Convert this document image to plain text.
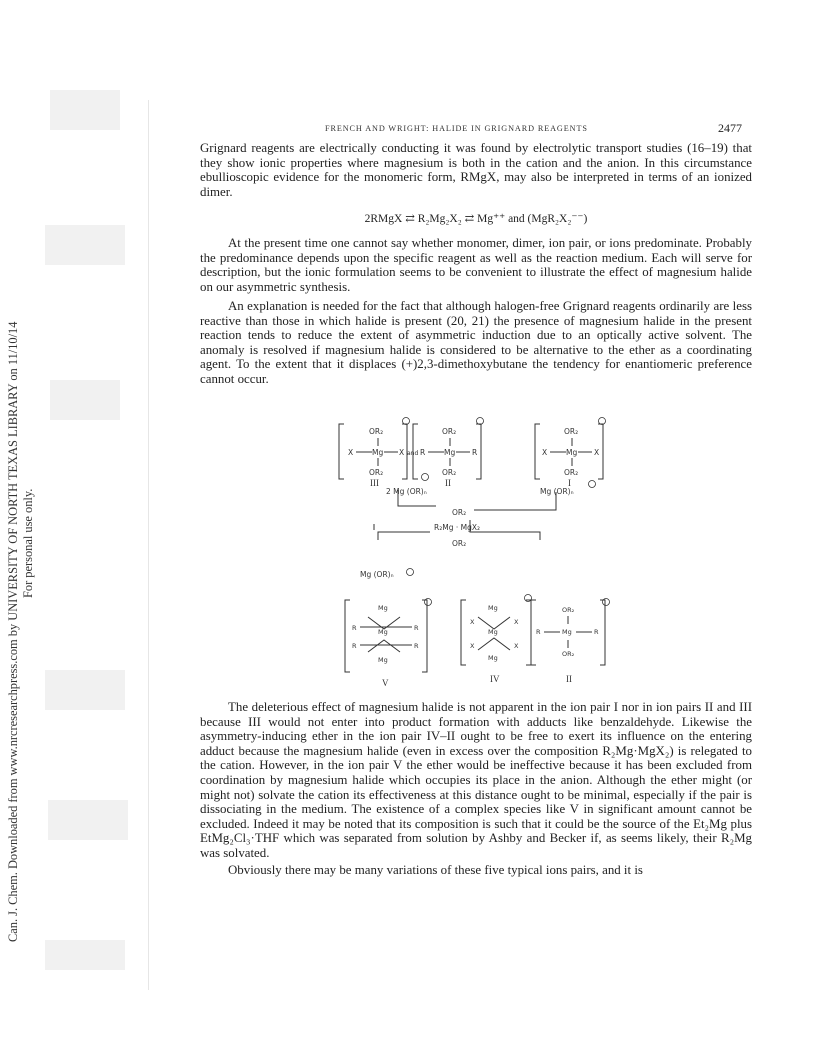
Can. J. Chem. Downloaded from www.nrcresearchpress.com by UNIVERSITY OF NORTH TEXAS LIBRARY on 11/10/14 For personal use only.
FRENCH AND WRIGHT: HALIDE IN GRIGNARD REAGENTS	2477

Grignard reagents are electrically conducting it was found by electrolytic transport studies (16–19) that they show ionic properties where magnesium is both in the cation and the anion. In this circumstance ebullioscopic evidence for the monomeric form, RMgX, may also be interpreted in terms of an ionized dimer.

2RMgX ⇄ R₂Mg₂X₂ ⇄ Mg⁺⁺ and (MgR₂X₂⁻⁻)

At the present time one cannot say whether monomer, dimer, ion pair, or ions predominate. Probably the predominance depends upon the specific reagent as well as the reaction medium. Each will serve for description, but the ionic formulation seems to be convenient to illustrate the effect of magnesium halide on our asymmetric synthesis.

An explanation is needed for the fact that although halogen-free Grignard reagents ordinarily are less reactive than those in which halide is present (20, 21) the presence of magnesium halide in the present reaction tends to reduce the extent of asymmetric induction due to an optically active solvent. The anomaly is resolved if magnesium halide is considered to be alternative to the ether as a coordinating agent. To the extent that it displaces (+)2,3-dimethoxybutane the tendency for enantiomeric preference cannot occur.

OR₂
X	Mg X
OR₂
and
OR₂
R	Mg R
OR₂
OR₂
X	Mg X
OR₂
2 Mg (OR)ₙ	Mg (OR)ₙ
OR₂
R₂Mg · MgX₂
OR₂
Mg (OR)ₙ
III	II	I
Mg
Mg
Mg
R	R
R	R
Mg
Mg
Mg
X	X
X	X
OR₂
Mg
OR₂
R	R
V	IV	II

The deleterious effect of magnesium halide is not apparent in the ion pair I nor in ion pairs II and III because III would not enter into product formation with adducts like benzaldehyde. Likewise the asymmetry-inducing ether in the ion pair IV–II ought to be free to exert its influence on the entering adduct because the magnesium halide (even in excess over the composition R₂Mg·MgX₂) is relegated to the cation. However, in the ion pair V the ether would be ineffective because it has been excluded from coordination by magnesium halide which occupies its place in the anion. Although the ether might (or might not) solvate the cation its effectiveness at this distance ought to be minimal, especially if the pair is dissociating in the medium. The existence of a complex species like V in significant amount cannot be excluded. Indeed it may be noted that its composition is such that it could be the source of the Et₂Mg plus EtMg₂Cl₃·THF which was separated from solution by Ashby and Becker if, as seems likely, their R₂Mg was solvated.

Obviously there may be many variations of these five typical ions pairs, and it is
